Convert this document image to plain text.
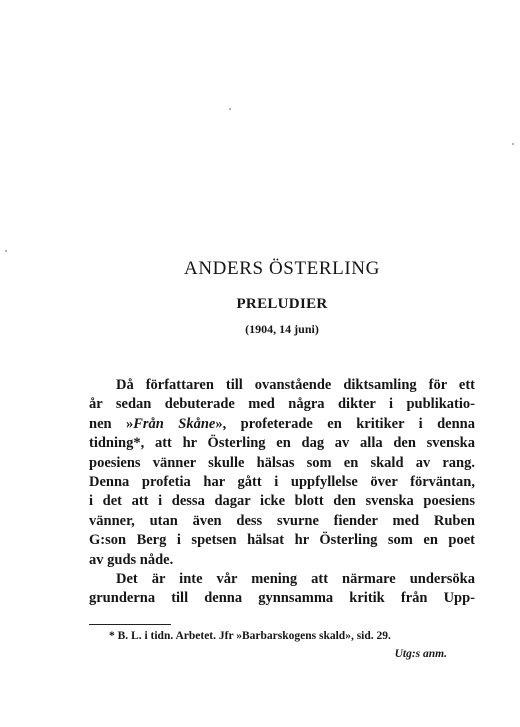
ANDERS ÖSTERLING
PRELUDIER
(1904, 14 juni)
Då författaren till ovanstående diktsamling för ett
år sedan debuterade med några dikter i publikatio-
nen »Från Skåne», profeterade en kritiker i denna
tidning*, att hr Österling en dag av alla den svenska
poesiens vänner skulle hälsas som en skald av rang.
Denna profetia har gått i uppfyllelse över förväntan,
i det att i dessa dagar icke blott den svenska poesiens
vänner, utan även dess svurne fiender med Ruben
G:son Berg i spetsen hälsat hr Österling som en poet
av guds nåde.
Det är inte vår mening att närmare undersöka
grunderna till denna gynnsamma kritik från Upp-
* B. L. i tidn. Arbetet. Jfr »Barbarskogens skald», sid. 29.
Utg:s anm.
